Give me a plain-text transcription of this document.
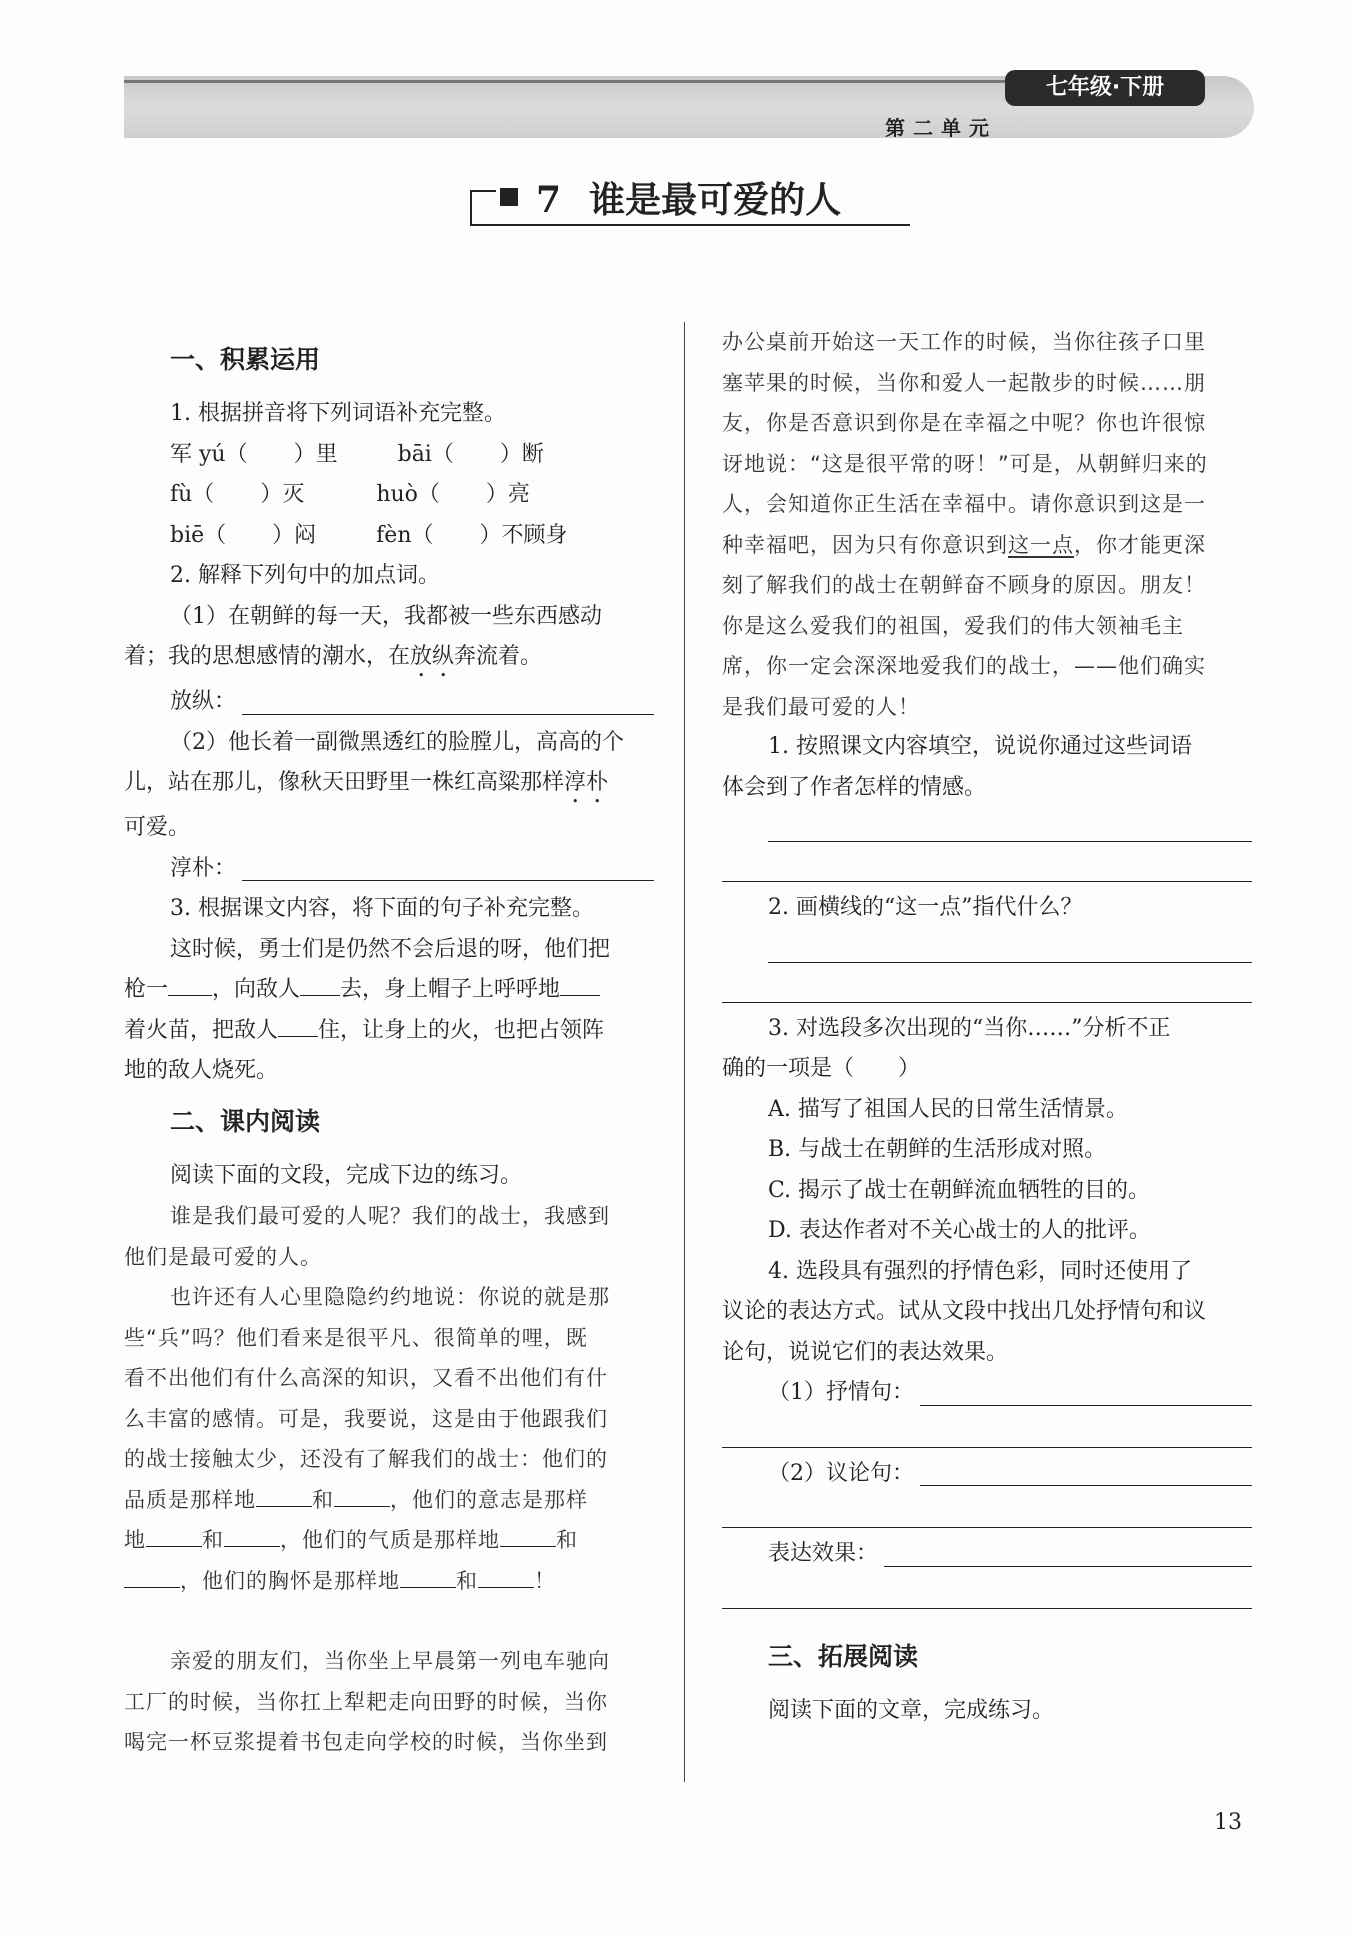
七年级·下册
第二单元
7 谁是最可爱的人
一、积累运用
1. 根据拼音将下列词语补充完整。
军 yú（ ）里	bāi（ ）断
fù（ ）灭	huò（ ）亮
biē（ ）闷	fèn（ ）不顾身
2. 解释下列句中的加点词。
（1）在朝鲜的每一天，我都被一些东西感动
着；我的思想感情的潮水，在放纵奔流着。
放纵：
（2）他长着一副微黑透红的脸膛儿，高高的个
儿，站在那儿，像秋天田野里一株红高粱那样淳朴
可爱。
淳朴：
3. 根据课文内容，将下面的句子补充完整。
这时候，勇士们是仍然不会后退的呀，他们把
枪一 ，向敌人 去，身上帽子上呼呼地
着火苗，把敌人 住，让身上的火，也把占领阵
地的敌人烧死。
二、课内阅读
阅读下面的文段，完成下边的练习。
谁是我们最可爱的人呢？我们的战士，我感到
他们是最可爱的人。
也许还有人心里隐隐约约地说：你说的就是那
些“兵”吗？他们看来是很平凡、很简单的哩，既
看不出他们有什么高深的知识，又看不出他们有什
么丰富的感情。可是，我要说，这是由于他跟我们
的战士接触太少，还没有了解我们的战士：他们的
品质是那样地	和	，他们的意志是那样
地	和	，他们的气质是那样地	和
，他们的胸怀是那样地	和	！
亲爱的朋友们，当你坐上早晨第一列电车驰向
工厂的时候，当你扛上犁耙走向田野的时候，当你
喝完一杯豆浆提着书包走向学校的时候，当你坐到
办公桌前开始这一天工作的时候，当你往孩子口里
塞苹果的时候，当你和爱人一起散步的时候……朋
友，你是否意识到你是在幸福之中呢？你也许很惊
讶地说：“这是很平常的呀！”可是，从朝鲜归来的
人，会知道你正生活在幸福中。请你意识到这是一
种幸福吧，因为只有你意识到这一点，你才能更深
刻了解我们的战士在朝鲜奋不顾身的原因。朋友！
你是这么爱我们的祖国，爱我们的伟大领袖毛主
席，你一定会深深地爱我们的战士，——他们确实
是我们最可爱的人！
1. 按照课文内容填空，说说你通过这些词语
体会到了作者怎样的情感。
2. 画横线的“这一点”指代什么？
3. 对选段多次出现的“当你……”分析不正
确的一项是（　　）
A. 描写了祖国人民的日常生活情景。
B. 与战士在朝鲜的生活形成对照。
C. 揭示了战士在朝鲜流血牺牲的目的。
D. 表达作者对不关心战士的人的批评。
4. 选段具有强烈的抒情色彩，同时还使用了
议论的表达方式。试从文段中找出几处抒情句和议
论句，说说它们的表达效果。
（1）抒情句：
（2）议论句：
表达效果：
三、拓展阅读
阅读下面的文章，完成练习。
13
